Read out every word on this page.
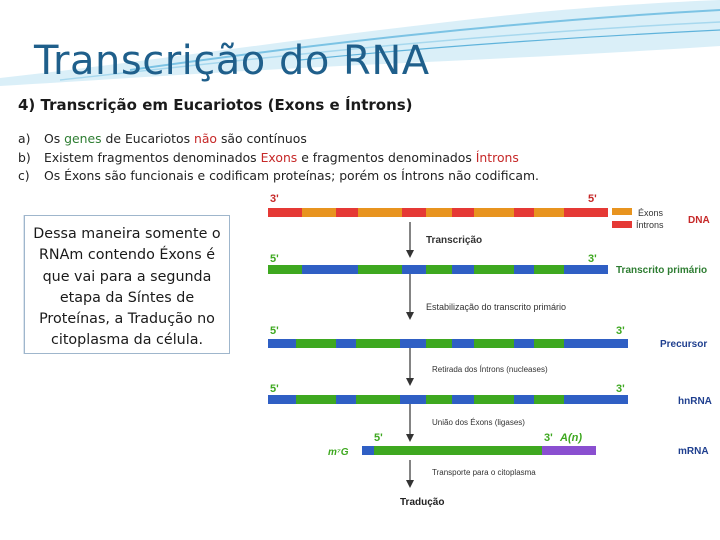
Transcrição do RNA
4) Transcrição em Eucariotos (Exons e Íntrons)
a) Os genes de Eucariotos não são contínuos
b) Existem fragmentos denominados Exons e fragmentos denominados Íntrons
c) Os Éxons são funcionais e codificam proteínas; porém os Íntrons não codificam.
Dessa maneira somente o RNAm contendo Éxons é que vai para a segunda etapa da Síntes de Proteínas, a Tradução no citoplasma da célula.
3'	5'
Éxons
Íntrons DNA
Transcrição
Estabilização do transcrito primário
Retirada dos Íntrons (nucleases)
União dos Éxons (ligases)
Transporte para o citoplasma
5'	3'
Transcrito primário
5'	3'
Precursor
5'	3'
hnRNA
5'	3'
m⁷G
A(n)
mRNA
Tradução
